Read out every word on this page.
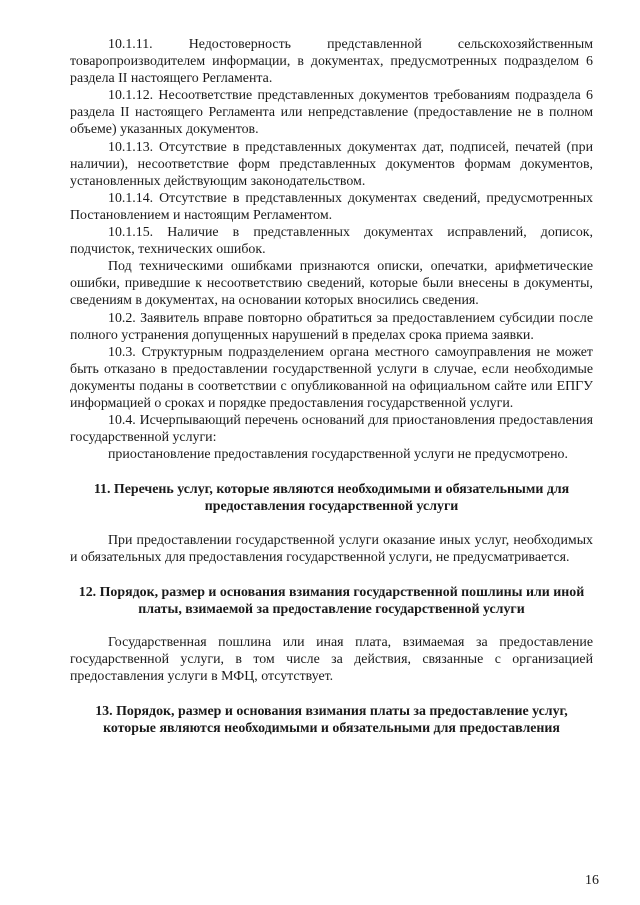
10.1.11. Недостоверность представленной сельскохозяйственным товаропроизводителем информации, в документах, предусмотренных подразделом 6 раздела II настоящего Регламента.

10.1.12. Несоответствие представленных документов требованиям подраздела 6 раздела II настоящего Регламента или непредставление (предоставление не в полном объеме) указанных документов.

10.1.13. Отсутствие в представленных документах дат, подписей, печатей (при наличии), несоответствие форм представленных документов формам документов, установленных действующим законодательством.

10.1.14. Отсутствие в представленных документах сведений, предусмотренных Постановлением и настоящим Регламентом.

10.1.15. Наличие в представленных документах исправлений, дописок, подчисток, технических ошибок.

Под техническими ошибками признаются описки, опечатки, арифметические ошибки, приведшие к несоответствию сведений, которые были внесены в документы, сведениям в документах, на основании которых вносились сведения.

10.2. Заявитель вправе повторно обратиться за предоставлением субсидии после полного устранения допущенных нарушений в пределах срока приема заявки.

10.3. Структурным подразделением органа местного самоуправления не может быть отказано в предоставлении государственной услуги в случае, если необходимые документы поданы в соответствии с опубликованной на официальном сайте или ЕПГУ информацией о сроках и порядке предоставления государственной услуги.

10.4. Исчерпывающий перечень оснований для приостановления предоставления государственной услуги:

приостановление предоставления государственной услуги не предусмотрено.

11. Перечень услуг, которые являются необходимыми и обязательными для предоставления государственной услуги

При предоставлении государственной услуги оказание иных услуг, необходимых и обязательных для предоставления государственной услуги, не предусматривается.

12. Порядок, размер и основания взимания государственной пошлины или иной платы, взимаемой за предоставление государственной услуги

Государственная пошлина или иная плата, взимаемая за предоставление государственной услуги, в том числе за действия, связанные с организацией предоставления услуги в МФЦ, отсутствует.

13. Порядок, размер и основания взимания платы за предоставление услуг, которые являются необходимыми и обязательными для предоставления

16
